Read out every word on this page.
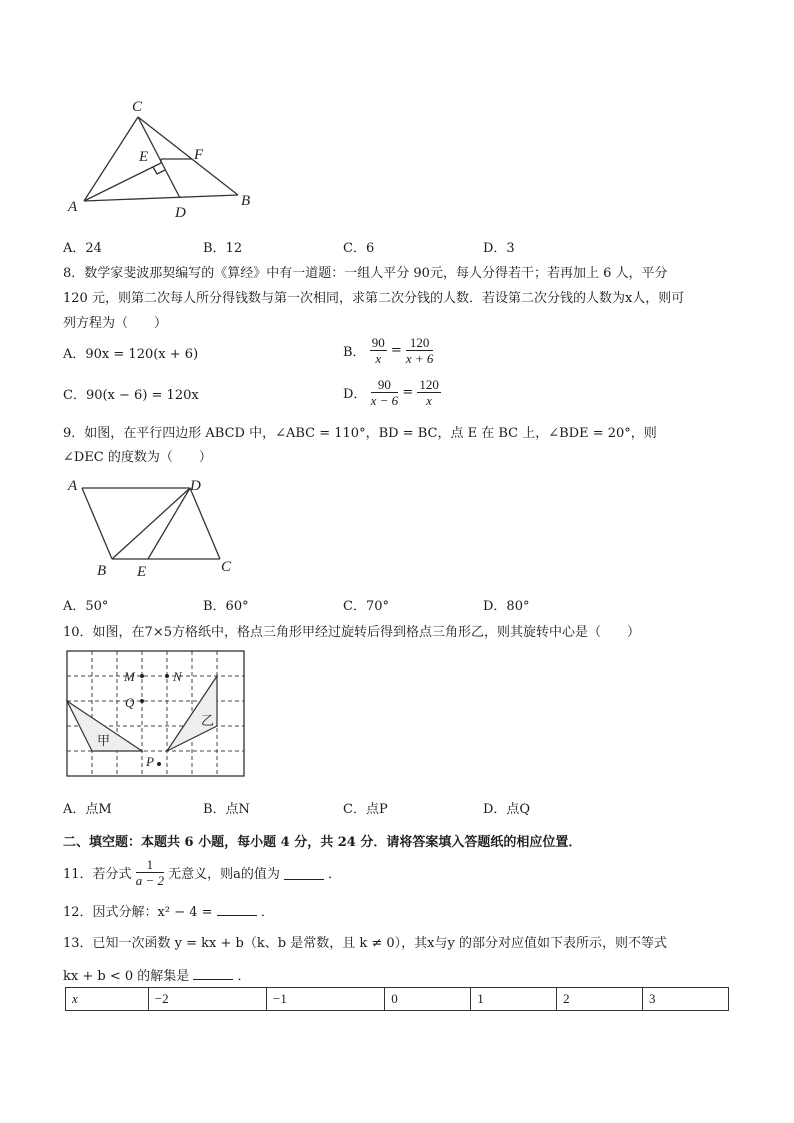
C
E	F
A	D
B
A．24	B．12	C．6	D．3
8．数学家斐波那契编写的《算经》中有一道题：一组人平分 90元，每人分得若干；若再加上 6 人，平分
120 元，则第二次每人所分得钱数与第一次相同，求第二次分钱的人数．若设第二次分钱的人数为x人，则可
列方程为（　　）
A．90x = 120(x + 6)	B． $\frac{90}{x} = \frac{120}{x + 6}$
C．90(x − 6) = 120x	D． $\frac{90}{x - 6} = \frac{120}{x}$
9．如图，在平行四边形 ABCD 中，∠ABC = 110°，BD = BC，点 E 在 BC 上，∠BDE = 20°，则
∠DEC 的度数为（　　）
A	D
B E	C
A．50°	B．60°	C．70°	D．80°
10．如图，在7×5方格纸中，格点三角形甲经过旋转后得到格点三角形乙，则其旋转中心是（　　）
M	N
Q
P
甲
乙
A．点M	B．点N	C．点P	D．点Q
二、填空题：本题共 6 小题，每小题 4 分，共 24 分．请将答案填入答题纸的相应位置．
11．若分式 $\frac{1}{a - 2}$ 无意义，则a的值为	．
12．因式分解：x² − 4 =	．
13．已知一次函数 y = kx + b（k、b 是常数，且 k ≠ 0），其x与y 的部分对应值如下表所示，则不等式
kx + b < 0 的解集是	．
x	−2	−1	0	1	2	3
